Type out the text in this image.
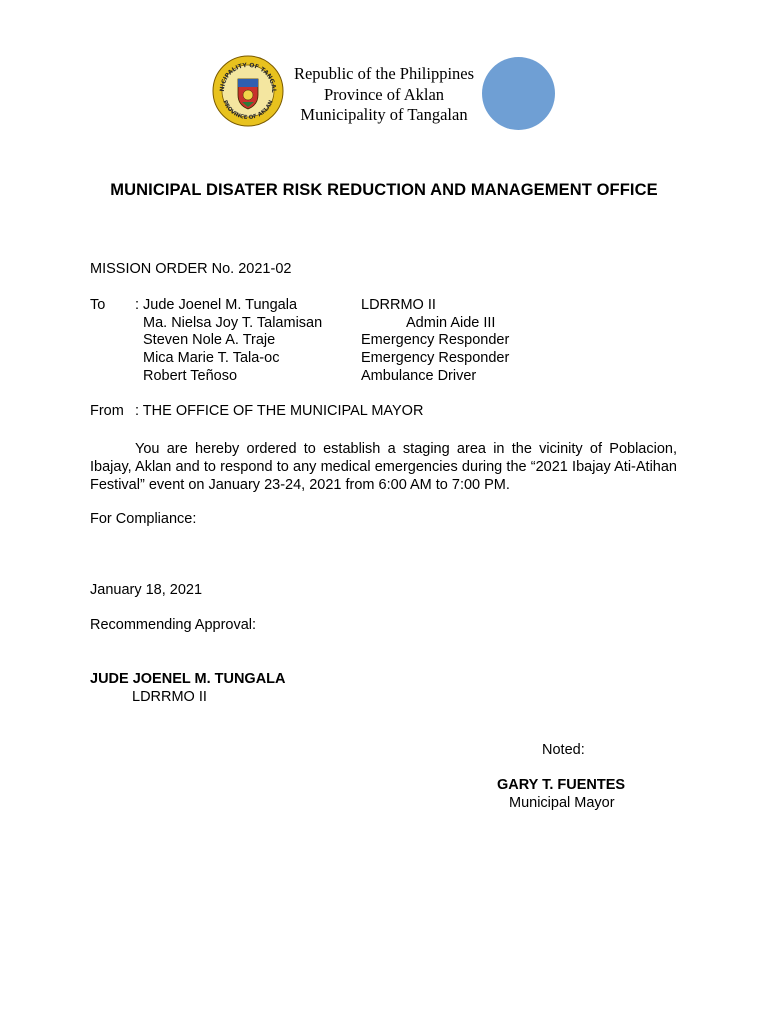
NICIPALITY OF TANGAL
PROVINCE OF AKLAN
Republic of the Philippines
Province of Aklan
Municipality of Tangalan
MUNICIPAL DISATER RISK REDUCTION AND MANAGEMENT OFFICE
MISSION ORDER No. 2021-02
To : Jude Joenel M. Tungala	LDRRMO II
Ma. Nielsa Joy T. Talamisan	Admin Aide III
Steven Nole A. Traje	Emergency Responder
Mica Marie T. Tala-oc	Emergency Responder
Robert Teñoso	Ambulance Driver
From : THE OFFICE OF THE MUNICIPAL MAYOR
You are hereby ordered to establish a staging area in the vicinity of Poblacion, Ibajay, Aklan and to respond to any medical emergencies during the “2021 Ibajay Ati-Atihan Festival” event on January 23-24, 2021 from 6:00 AM to 7:00 PM.
For Compliance:
January 18, 2021
Recommending Approval:
JUDE JOENEL M. TUNGALA
LDRRMO II
Noted:
GARY T. FUENTES
Municipal Mayor
